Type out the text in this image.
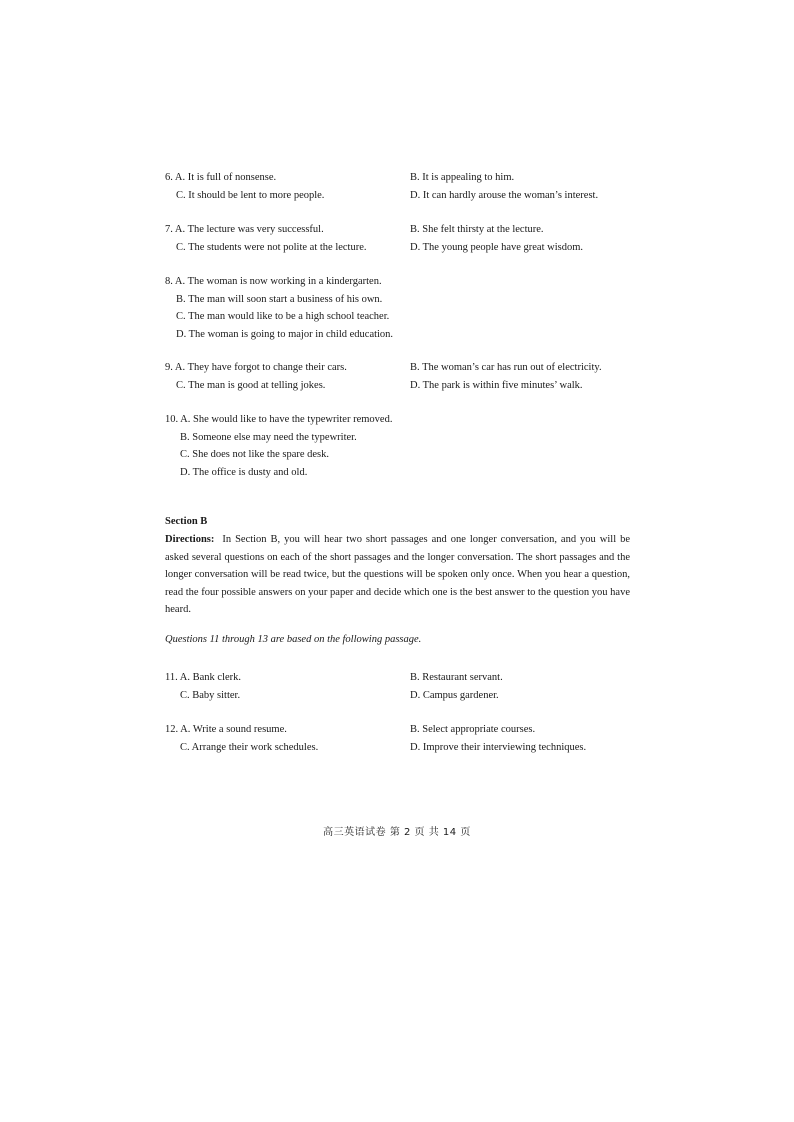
6. A. It is full of nonsense.	B. It is appealing to him.
C. It should be lent to more people.	D. It can hardly arouse the woman’s interest.
7. A. The lecture was very successful.	B. She felt thirsty at the lecture.
C. The students were not polite at the lecture.	D. The young people have great wisdom.
8. A. The woman is now working in a kindergarten.
B. The man will soon start a business of his own.
C. The man would like to be a high school teacher.
D. The woman is going to major in child education.
9. A. They have forgot to change their cars.	B. The woman’s car has run out of electricity.
C. The man is good at telling jokes.	D. The park is within five minutes’ walk.
10. A. She would like to have the typewriter removed.
B. Someone else may need the typewriter.
C. She does not like the spare desk.
D. The office is dusty and old.
Section B
Directions: In Section B, you will hear two short passages and one longer conversation, and you will be asked several questions on each of the short passages and the longer conversation. The short passages and the longer conversation will be read twice, but the questions will be spoken only once. When you hear a question, read the four possible answers on your paper and decide which one is the best answer to the question you have heard.
Questions 11 through 13 are based on the following passage.
11. A. Bank clerk.	B. Restaurant servant.
C. Baby sitter.	D. Campus gardener.
12. A. Write a sound resume.	B. Select appropriate courses.
C. Arrange their work schedules.	D. Improve their interviewing techniques.
高三英语试卷 第 2 页 共 14 页
